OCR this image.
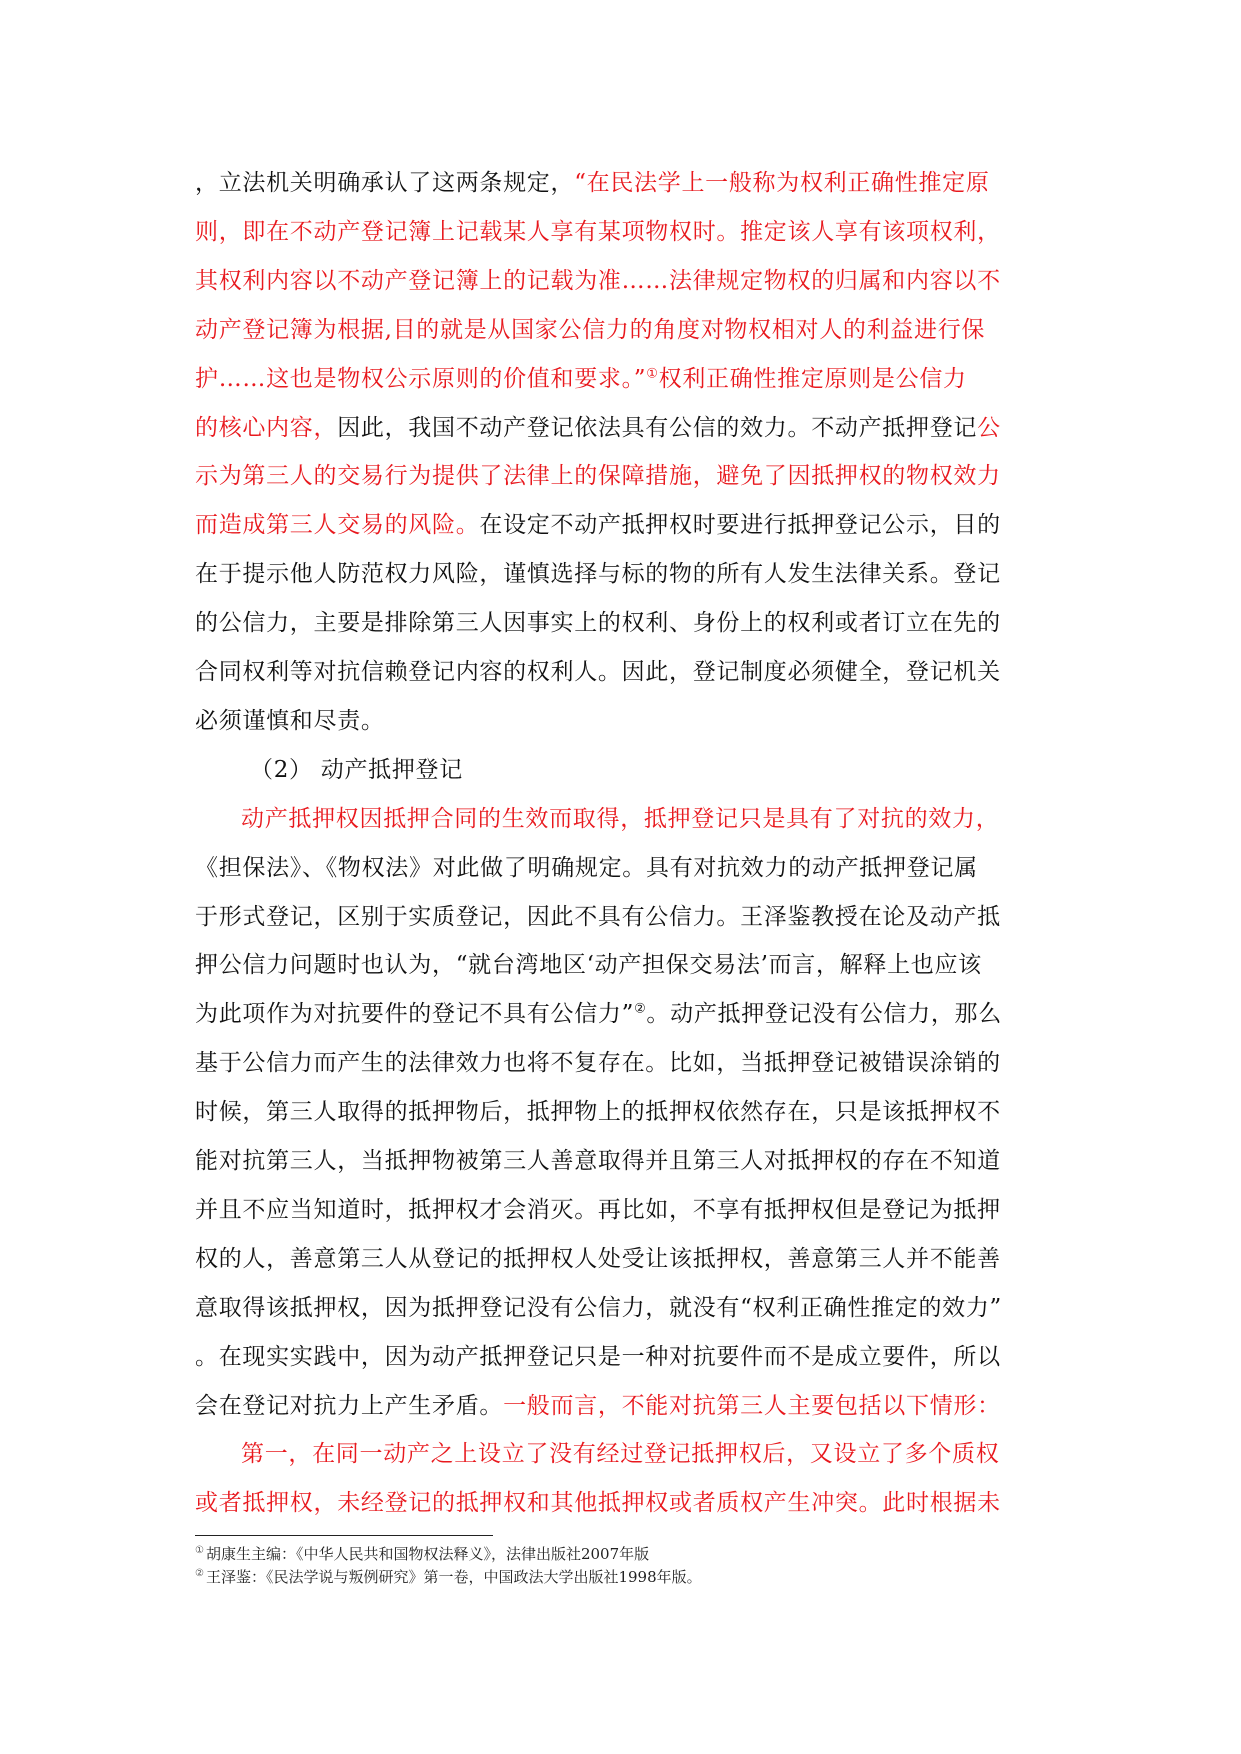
，立法机关明确承认了这两条规定，“在民法学上一般称为权利正确性推定原
则，即在不动产登记簿上记载某人享有某项物权时。推定该人享有该项权利，
其权利内容以不动产登记簿上的记载为准……法律规定物权的归属和内容以不
动产登记簿为根据,目的就是从国家公信力的角度对物权相对人的利益进行保
护……这也是物权公示原则的价值和要求。”①权利正确性推定原则是公信力
的核心内容，因此，我国不动产登记依法具有公信的效力。不动产抵押登记公
示为第三人的交易行为提供了法律上的保障措施，避免了因抵押权的物权效力
而造成第三人交易的风险。在设定不动产抵押权时要进行抵押登记公示，目的
在于提示他人防范权力风险，谨慎选择与标的物的所有人发生法律关系。登记
的公信力，主要是排除第三人因事实上的权利、身份上的权利或者订立在先的
合同权利等对抗信赖登记内容的权利人。因此，登记制度必须健全，登记机关
必须谨慎和尽责。
（2） 动产抵押登记
动产抵押权因抵押合同的生效而取得，抵押登记只是具有了对抗的效力，
《担保法》、《物权法》对此做了明确规定。具有对抗效力的动产抵押登记属
于形式登记，区别于实质登记，因此不具有公信力。王泽鉴教授在论及动产抵
押公信力问题时也认为，“就台湾地区‘动产担保交易法’而言，解释上也应该
为此项作为对抗要件的登记不具有公信力”②。动产抵押登记没有公信力，那么
基于公信力而产生的法律效力也将不复存在。比如，当抵押登记被错误涂销的
时候，第三人取得的抵押物后，抵押物上的抵押权依然存在，只是该抵押权不
能对抗第三人，当抵押物被第三人善意取得并且第三人对抵押权的存在不知道
并且不应当知道时，抵押权才会消灭。再比如，不享有抵押权但是登记为抵押
权的人，善意第三人从登记的抵押权人处受让该抵押权，善意第三人并不能善
意取得该抵押权，因为抵押登记没有公信力，就没有“权利正确性推定的效力”
。在现实实践中，因为动产抵押登记只是一种对抗要件而不是成立要件，所以
会在登记对抗力上产生矛盾。一般而言，不能对抗第三人主要包括以下情形：
第一，在同一动产之上设立了没有经过登记抵押权后，又设立了多个质权
或者抵押权，未经登记的抵押权和其他抵押权或者质权产生冲突。此时根据未
① 胡康生主编：《中华人民共和国物权法释义》，法律出版社2007年版
② 王泽鉴：《民法学说与叛例研究》第一卷，中国政法大学出版社1998年版。
